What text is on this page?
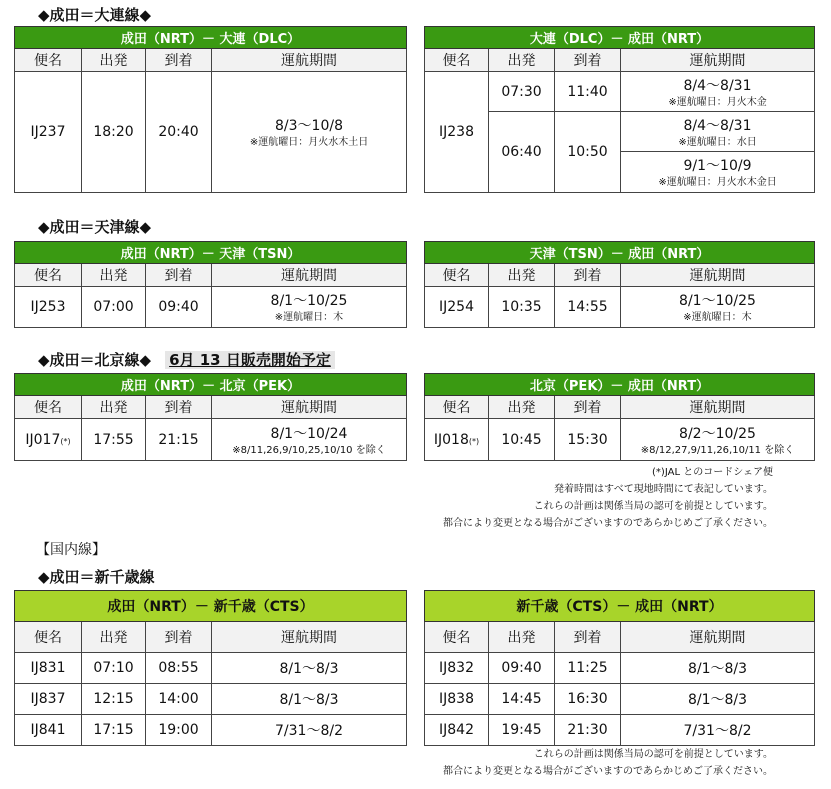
◆成田＝大連線◆
成田（NRT）－ 大連（DLC）			
便名	出発	到着	運航期間
IJ237	18:20	20:40	8/3〜10/8
※運航曜日：月火水木土日
大連（DLC）－ 成田（NRT）			
便名	出発	到着	運航期間
IJ238	07:30	11:40	8/4〜8/31
※運航曜日：月火木金

	06:40	10:50	8/4〜8/31
※運航曜日：水日

			9/1〜10/9
※運航曜日：月火水木金日
◆成田＝天津線◆
成田（NRT）－ 天津（TSN）			
便名	出発	到着	運航期間
IJ253	07:00	09:40	8/1〜10/25
※運航曜日：木
天津（TSN）－ 成田（NRT）			
便名	出発	到着	運航期間
IJ254	10:35	14:55	8/1〜10/25
※運航曜日：木
◆成田＝北京線◆ 6月 13 日販売開始予定
成田（NRT）－ 北京（PEK）			
便名	出発	到着	運航期間
IJ017(*)	17:55	21:15	8/1〜10/24
※8/11,26,9/10,25,10/10 を除く
北京（PEK）－ 成田（NRT）			
便名	出発	到着	運航期間
IJ018(*)	10:45	15:30	8/2〜10/25
※8/12,27,9/11,26,10/11 を除く
(*)JAL とのコードシェア便
発着時間はすべて現地時間にて表記しています。
これらの計画は関係当局の認可を前提としています。
都合により変更となる場合がございますのであらかじめご了承ください。
【国内線】
◆成田＝新千歳線
成田（NRT）－ 新千歳（CTS）			
便名	出発	到着	運航期間
IJ831	07:10	08:55	8/1〜8/3
IJ837	12:15	14:00	8/1〜8/3
IJ841	17:15	19:00	7/31〜8/2
新千歳（CTS）－ 成田（NRT）			
便名	出発	到着	運航期間
IJ832	09:40	11:25	8/1〜8/3
IJ838	14:45	16:30	8/1〜8/3
IJ842	19:45	21:30	7/31〜8/2
これらの計画は関係当局の認可を前提としています。
都合により変更となる場合がございますのであらかじめご了承ください。
